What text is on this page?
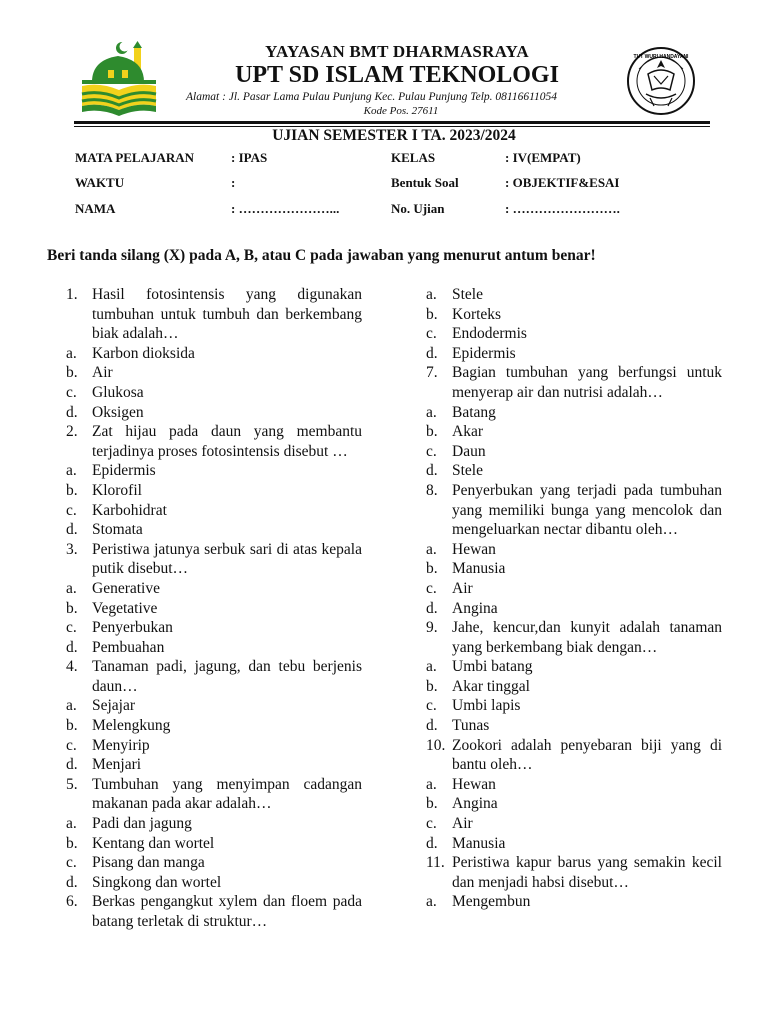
TUT WURI HANDAYANI
YAYASAN BMT DHARMASRAYA
UPT SD ISLAM TEKNOLOGI
Alamat : Jl. Pasar Lama Pulau Punjung Kec. Pulau Punjung Telp. 08116611054
Kode Pos. 27611
UJIAN SEMESTER I TA. 2023/2024
MATA PELAJARAN	: IPAS	KELAS	: IV(EMPAT)
WAKTU	:	Bentuk Soal	: OBJEKTIF&ESAI
NAMA	: …………………...	No. Ujian	: …………………….
Beri tanda silang (X) pada A, B, atau C pada jawaban yang menurut antum benar!
1. Hasil fotosintensis yang digunakan tumbuhan untuk tumbuh dan berkembang biak adalah…
a. Karbon dioksida
b. Air
c. Glukosa
d. Oksigen
2. Zat hijau pada daun yang membantu terjadinya proses fotosintensis disebut …
a. Epidermis
b. Klorofil
c. Karbohidrat
d. Stomata
3. Peristiwa jatunya serbuk sari di atas kepala putik disebut…
a. Generative
b. Vegetative
c. Penyerbukan
d. Pembuahan
4. Tanaman padi, jagung, dan tebu berjenis daun…
a. Sejajar
b. Melengkung
c. Menyirip
d. Menjari
5. Tumbuhan yang menyimpan cadangan makanan pada akar adalah…
a. Padi dan jagung
b. Kentang dan wortel
c. Pisang dan manga
d. Singkong dan wortel
6. Berkas pengangkut xylem dan floem pada batang terletak di struktur…
a. Stele
b. Korteks
c. Endodermis
d. Epidermis
7. Bagian tumbuhan yang berfungsi untuk menyerap air dan nutrisi adalah…
a. Batang
b. Akar
c. Daun
d. Stele
8. Penyerbukan yang terjadi pada tumbuhan yang memiliki bunga yang mencolok dan mengeluarkan nectar dibantu oleh…
a. Hewan
b. Manusia
c. Air
d. Angina
9. Jahe, kencur,dan kunyit adalah tanaman yang berkembang biak dengan…
a. Umbi batang
b. Akar tinggal
c. Umbi lapis
d. Tunas
10. Zookori adalah penyebaran biji yang di bantu oleh…
a. Hewan
b. Angina
c. Air
d. Manusia
11. Peristiwa kapur barus yang semakin kecil dan menjadi habsi disebut…
a. Mengembun
